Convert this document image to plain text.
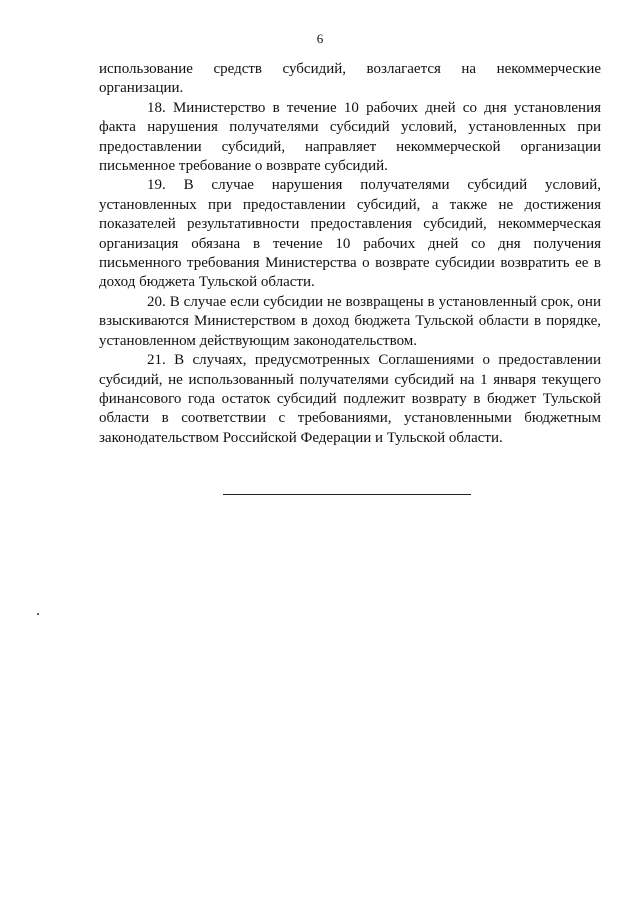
6

использование средств субсидий, возлагается на некоммерческие организации.

18. Министерство в течение 10 рабочих дней со дня установления факта нарушения получателями субсидий условий, установленных при предоставлении субсидий, направляет некоммерческой организации письменное требование о возврате субсидий.

19. В случае нарушения получателями субсидий условий, установленных при предоставлении субсидий, а также не достижения показателей результативности предоставления субсидий, некоммерческая организация обязана в течение 10 рабочих дней со дня получения письменного требования Министерства о возврате субсидии возвратить ее в доход бюджета Тульской области.

20. В случае если субсидии не возвращены в установленный срок, они взыскиваются Министерством в доход бюджета Тульской области в порядке, установленном действующим законодательством.

21. В случаях, предусмотренных Соглашениями о предоставлении субсидий, не использованный получателями субсидий на 1 января текущего финансового года остаток субсидий подлежит возврату в бюджет Тульской области в соответствии с требованиями, установленными бюджетным законодательством Российской Федерации и Тульской области.
